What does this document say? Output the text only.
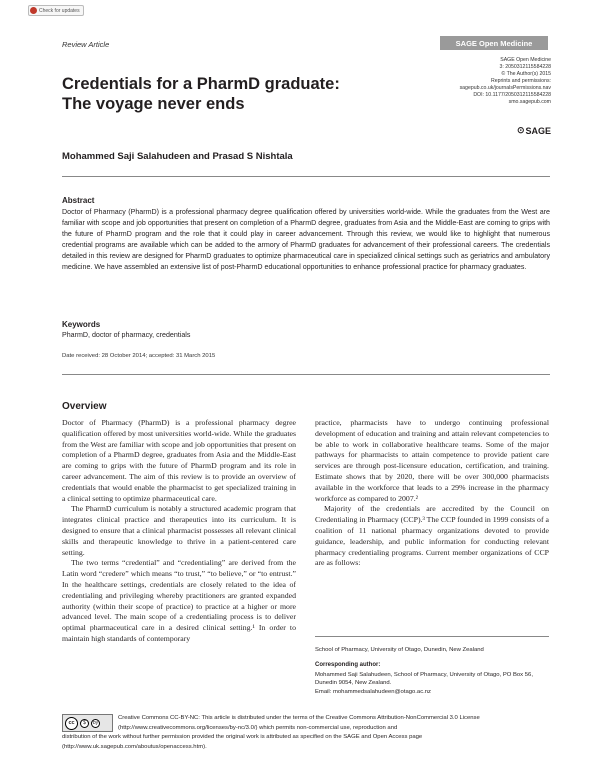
Check for updates
Review Article	SAGE Open Medicine
Credentials for a PharmD graduate:
The voyage never ends
SAGE Open Medicine
3: 2050312115584228
© The Author(s) 2015
Reprints and permissions:
sagepub.co.uk/journalsPermissions.nav
DOI: 10.1177/2050312115584228
smo.sagepub.com
⊙ SAGE
Mohammed Saji Salahudeen and Prasad S Nishtala
Abstract
Doctor of Pharmacy (PharmD) is a professional pharmacy degree qualification offered by universities world-wide. While the graduates from the West are familiar with scope and job opportunities that present on completion of a PharmD degree, graduates from Asia and the Middle-East are coming to grips with the future of PharmD program and the role that it could play in career advancement. Through this review, we would like to highlight that numerous credential programs are available which can be added to the armory of PharmD graduates for advancement of their professional careers. The credentials detailed in this review are designed for PharmD graduates to optimize pharmaceutical care in specialized clinical settings such as geriatrics and ambulatory medicine. We have assembled an extensive list of post-PharmD educational opportunities to enhance professional practice for pharmacy graduates.
Keywords
PharmD, doctor of pharmacy, credentials
Date received: 28 October 2014; accepted: 31 March 2015
Overview

Doctor of Pharmacy (PharmD) is a professional pharmacy degree qualification offered by most universities world-wide. While the graduates from the West are familiar with scope and job opportunities that present on completion of a PharmD degree, graduates from Asia and the Middle-East are coming to grips with the future of PharmD program and its role in career advancement. The aim of this review is to provide an overview of credentials that would enable the pharmacist to get specialized training in a clinical setting to optimize pharmaceutical care.

The PharmD curriculum is notably a structured academic program that integrates clinical practice and therapeutics into its curriculum. It is designed to ensure that a clinical pharmacist possesses all relevant clinical skills and therapeutic knowledge to thrive in a patient-centered care setting.

The two terms “credential” and “credentialing” are derived from the Latin word “credere” which means “to trust,” “to believe,” or “to entrust.” In the healthcare settings, credentials are closely related to the idea of credentialing and privileging whereby practitioners are granted expanded authority (within their scope of practice) to practice at a higher or more advanced level. The main scope of a credentialing process is to deliver optimal pharmaceutical care in a desired clinical setting.¹ In order to maintain high standards of contemporary

practice, pharmacists have to undergo continuing professional development of education and training and attain relevant competencies to be able to work in collaborative healthcare teams. Some of the major pathways for pharmacists to attain competence to provide patient care services are through post-licensure education, certification, and training. Estimate shows that by 2020, there will be over 300,000 pharmacists available in the workforce that leads to a 29% increase in the pharmacy workforce as compared to 2007.²

Majority of the credentials are accredited by the Council on Credentialing in Pharmacy (CCP).³ The CCP founded in 1999 consists of a coalition of 11 national pharmacy organizations devoted to provide guidance, leadership, and public information for conducting relevant pharmacy credentialing programs. Current member organizations of CCP are as follows:

School of Pharmacy, University of Otago, Dunedin, New Zealand
Corresponding author:
Mohammed Saji Salahudeen, School of Pharmacy, University of Otago, PO Box 56, Dunedin 9054, New Zealand.
Email: mohammedsalahudeen@otago.ac.nz

Creative Commons CC-BY-NC: This article is distributed under the terms of the Creative Commons Attribution-NonCommercial 3.0 License (http://www.creativecommons.org/licenses/by-nc/3.0/) which permits non-commercial use, reproduction and

distribution of the work without further permission provided the original work is attributed as specified on the SAGE and Open Access page (http://www.uk.sagepub.com/aboutus/openaccess.htm).

cc	$	by
